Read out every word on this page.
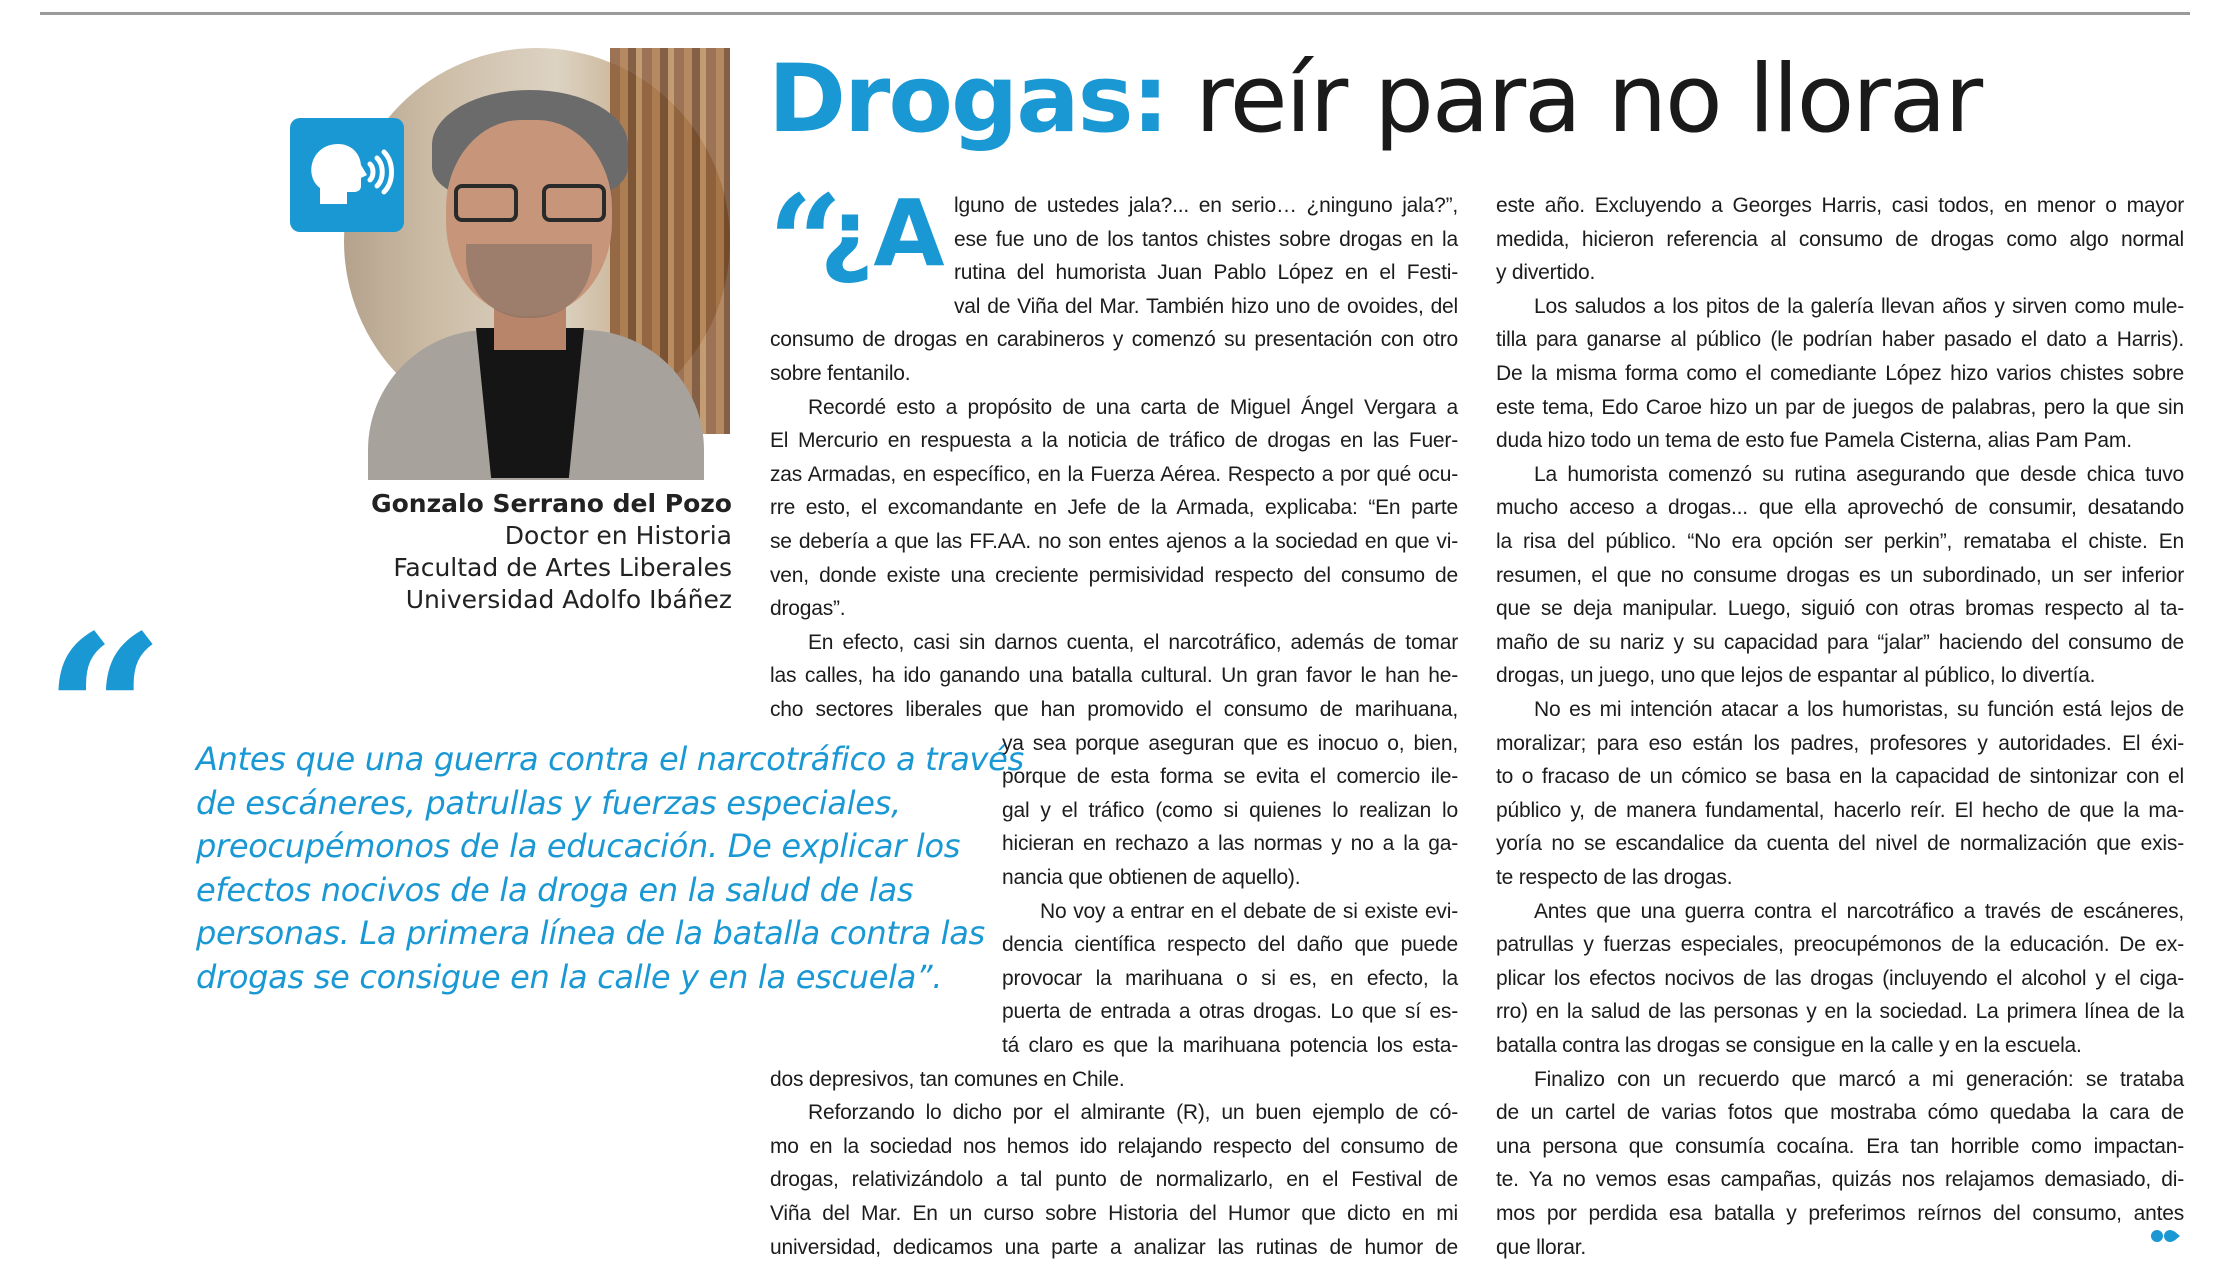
Drogas: reír para no llorar
Gonzalo Serrano del Pozo
Doctor en Historia
Facultad de Artes Liberales
Universidad Adolfo Ibáñez
“ Antes que una guerra contra el narcotráfico a través
de escáneres, patrullas y fuerzas especiales,
preocupémonos de la educación. De explicar los
efectos nocivos de la droga en la salud de las
personas. La primera línea de la batalla contra las
drogas se consigue en la calle y en la escuela”.

“

¿A lguno de ustedes jala?... en serio… ¿ninguno jala?”,
ese fue uno de los tantos chistes sobre drogas en la
rutina del humorista Juan Pablo López en el Festi-
val de Viña del Mar. También hizo uno de ovoides, del
consumo de drogas en carabineros y comenzó su presentación con otro
sobre fentanilo.
Recordé esto a propósito de una carta de Miguel Ángel Vergara a
El Mercurio en respuesta a la noticia de tráfico de drogas en las Fuer-
zas Armadas, en específico, en la Fuerza Aérea. Respecto a por qué ocu-
rre esto, el excomandante en Jefe de la Armada, explicaba: “En parte
se debería a que las FF.AA. no son entes ajenos a la sociedad en que vi-
ven, donde existe una creciente permisividad respecto del consumo de
drogas”.
En efecto, casi sin darnos cuenta, el narcotráfico, además de tomar
las calles, ha ido ganando una batalla cultural. Un gran favor le han he-
cho sectores liberales que han promovido el consumo de marihuana,
ya sea porque aseguran que es inocuo o, bien,
porque de esta forma se evita el comercio ile-
gal y el tráfico (como si quienes lo realizan lo
hicieran en rechazo a las normas y no a la ga-
nancia que obtienen de aquello).
No voy a entrar en el debate de si existe evi-
dencia científica respecto del daño que puede
provocar la marihuana o si es, en efecto, la
puerta de entrada a otras drogas. Lo que sí es-
tá claro es que la marihuana potencia los esta-
dos depresivos, tan comunes en Chile.
Reforzando lo dicho por el almirante (R), un buen ejemplo de có-
mo en la sociedad nos hemos ido relajando respecto del consumo de
drogas, relativizándolo a tal punto de normalizarlo, en el Festival de
Viña del Mar. En un curso sobre Historia del Humor que dicto en mi
universidad, dedicamos una parte a analizar las rutinas de humor de
este año. Excluyendo a Georges Harris, casi todos, en menor o mayor
medida, hicieron referencia al consumo de drogas como algo normal
y divertido.
Los saludos a los pitos de la galería llevan años y sirven como mule-
tilla para ganarse al público (le podrían haber pasado el dato a Harris).
De la misma forma como el comediante López hizo varios chistes sobre
este tema, Edo Caroe hizo un par de juegos de palabras, pero la que sin
duda hizo todo un tema de esto fue Pamela Cisterna, alias Pam Pam.
La humorista comenzó su rutina asegurando que desde chica tuvo
mucho acceso a drogas... que ella aprovechó de consumir, desatando
la risa del público. “No era opción ser perkin”, remataba el chiste. En
resumen, el que no consume drogas es un subordinado, un ser inferior
que se deja manipular. Luego, siguió con otras bromas respecto al ta-
maño de su nariz y su capacidad para “jalar” haciendo del consumo de
drogas, un juego, uno que lejos de espantar al público, lo divertía.
No es mi intención atacar a los humoristas, su función está lejos de
moralizar; para eso están los padres, profesores y autoridades. El éxi-
to o fracaso de un cómico se basa en la capacidad de sintonizar con el
público y, de manera fundamental, hacerlo reír. El hecho de que la ma-
yoría no se escandalice da cuenta del nivel de normalización que exis-
te respecto de las drogas.
Antes que una guerra contra el narcotráfico a través de escáneres,
patrullas y fuerzas especiales, preocupémonos de la educación. De ex-
plicar los efectos nocivos de las drogas (incluyendo el alcohol y el ciga-
rro) en la salud de las personas y en la sociedad. La primera línea de la
batalla contra las drogas se consigue en la calle y en la escuela.
Finalizo con un recuerdo que marcó a mi generación: se trataba
de un cartel de varias fotos que mostraba cómo quedaba la cara de
una persona que consumía cocaína. Era tan horrible como impactan-
te. Ya no vemos esas campañas, quizás nos relajamos demasiado, di-
mos por perdida esa batalla y preferimos reírnos del consumo, antes
que llorar.
